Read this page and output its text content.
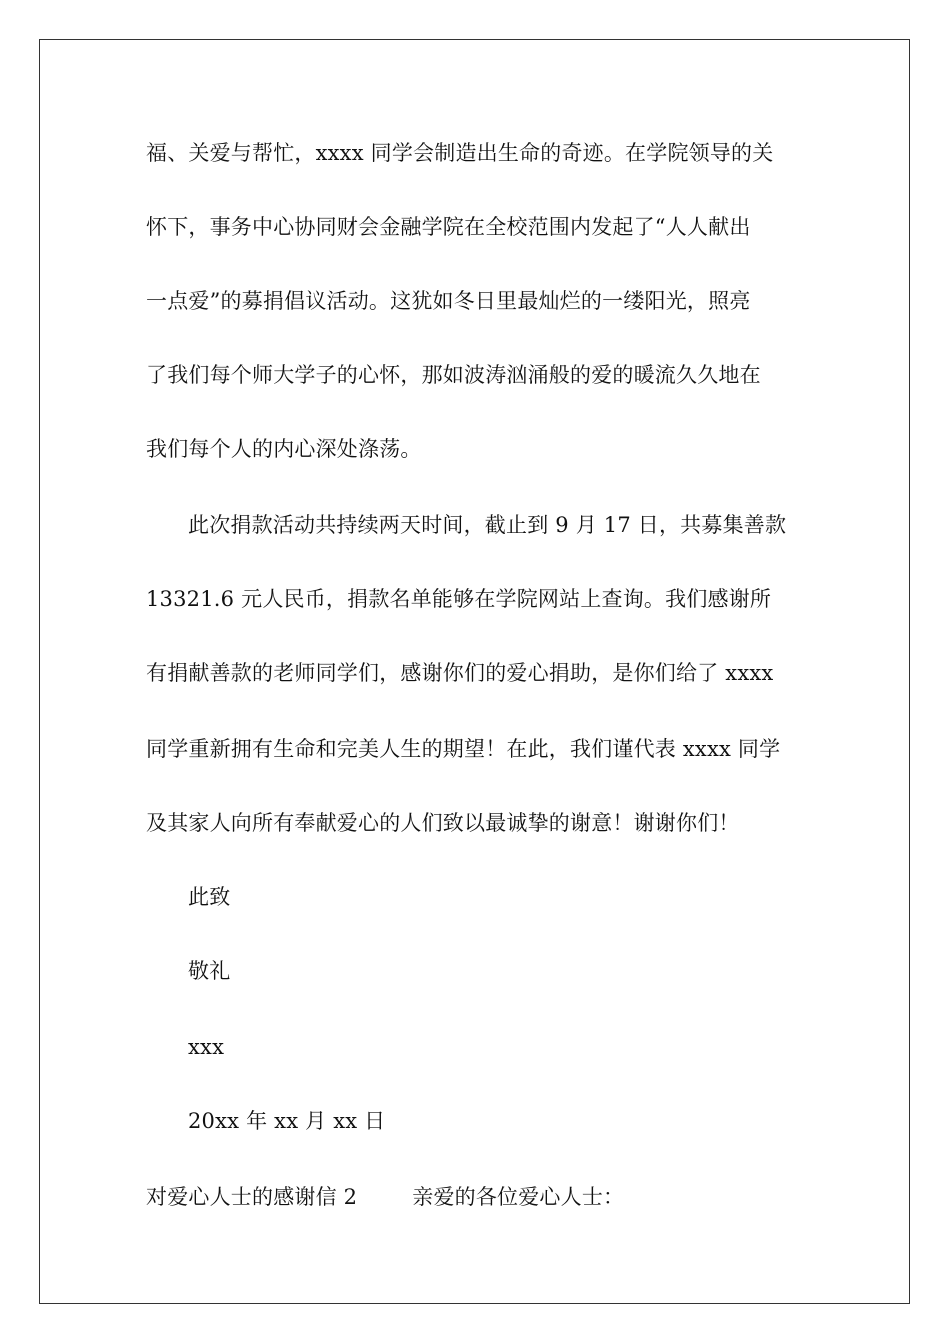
福、关爱与帮忙，xxxx 同学会制造出生命的奇迹。在学院领导的关
怀下，事务中心协同财会金融学院在全校范围内发起了“人人献出
一点爱”的募捐倡议活动。这犹如冬日里最灿烂的一缕阳光，照亮
了我们每个师大学子的心怀，那如波涛汹涌般的爱的暖流久久地在
我们每个人的内心深处涤荡。
此次捐款活动共持续两天时间，截止到 9 月 17 日，共募集善款
13321.6 元人民币，捐款名单能够在学院网站上查询。我们感谢所
有捐献善款的老师同学们，感谢你们的爱心捐助，是你们给了 xxxx
同学重新拥有生命和完美人生的期望！在此，我们谨代表 xxxx 同学
及其家人向所有奉献爱心的人们致以最诚挚的谢意！谢谢你们！
此致
敬礼
xxx
20xx 年 xx 月 xx 日
对爱心人士的感谢信 2        亲爱的各位爱心人士：
